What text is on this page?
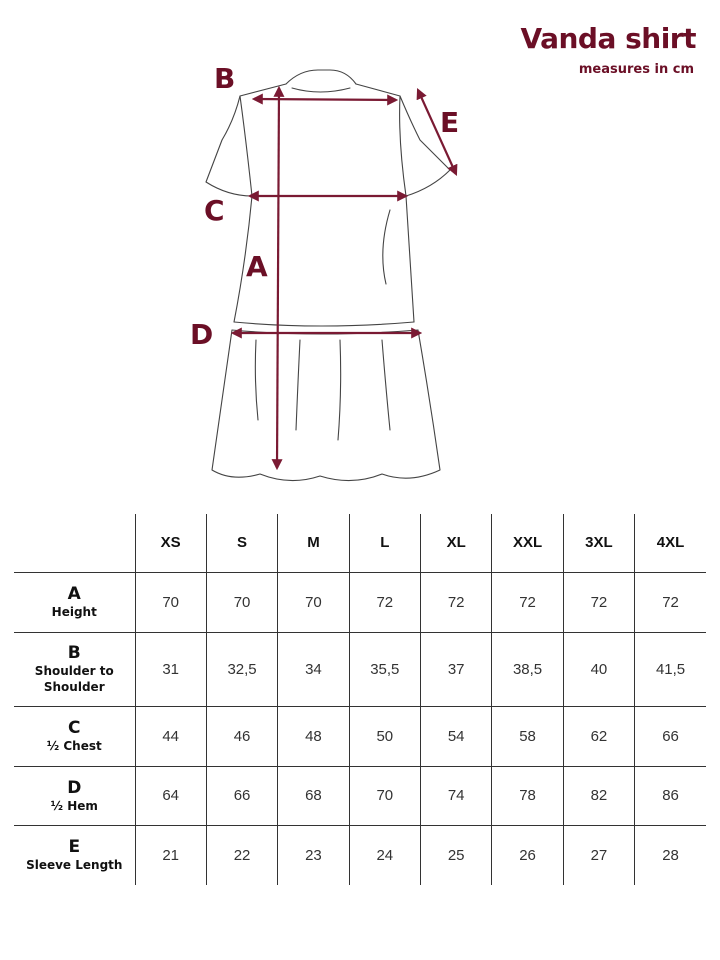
Vanda shirt
measures in cm
B
E
C
A
D
	XS	S	M	L	XL	XXL	3XL	4XL

A
Height	70	70	70	72	72	72	72	72

B
Shoulder to Shoulder	31	32,5	34	35,5	37	38,5	40	41,5

C
½ Chest	44	46	48	50	54	58	62	66

D
½ Hem	64	66	68	70	74	78	82	86

E
Sleeve Length	21	22	23	24	25	26	27	28
